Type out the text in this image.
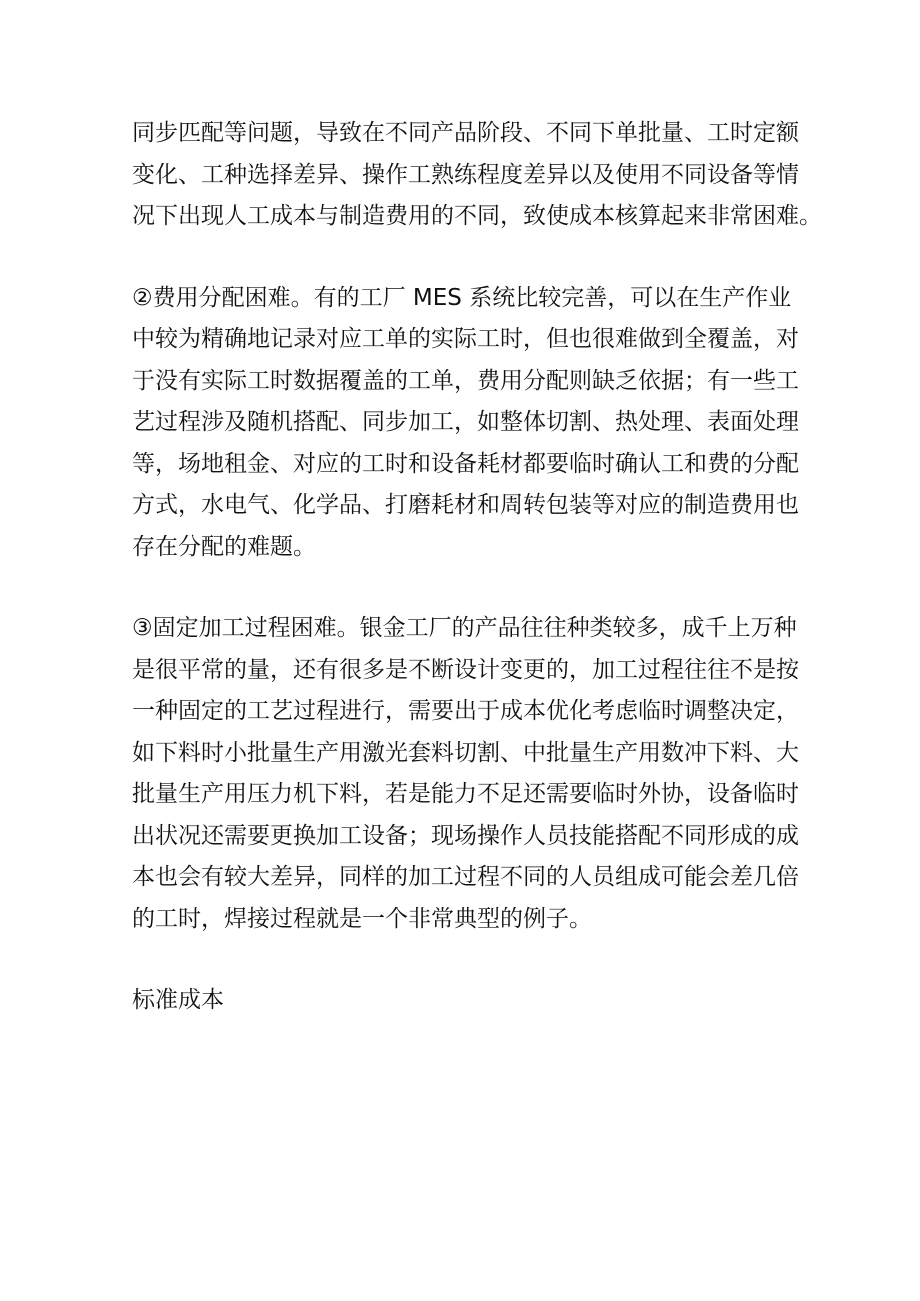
同步匹配等问题，导致在不同产品阶段、不同下单批量、工时定额
变化、工种选择差异、操作工熟练程度差异以及使用不同设备等情
况下出现人工成本与制造费用的不同，致使成本核算起来非常困难。
②费用分配困难。有的工厂 MES 系统比较完善，可以在生产作业
中较为精确地记录对应工单的实际工时，但也很难做到全覆盖，对
于没有实际工时数据覆盖的工单，费用分配则缺乏依据；有一些工
艺过程涉及随机搭配、同步加工，如整体切割、热处理、表面处理
等，场地租金、对应的工时和设备耗材都要临时确认工和费的分配
方式，水电气、化学品、打磨耗材和周转包装等对应的制造费用也
存在分配的难题。
③固定加工过程困难。银金工厂的产品往往种类较多，成千上万种
是很平常的量，还有很多是不断设计变更的，加工过程往往不是按
一种固定的工艺过程进行，需要出于成本优化考虑临时调整决定，
如下料时小批量生产用激光套料切割、中批量生产用数冲下料、大
批量生产用压力机下料，若是能力不足还需要临时外协，设备临时
出状况还需要更换加工设备；现场操作人员技能搭配不同形成的成
本也会有较大差异，同样的加工过程不同的人员组成可能会差几倍
的工时，焊接过程就是一个非常典型的例子。
标准成本
